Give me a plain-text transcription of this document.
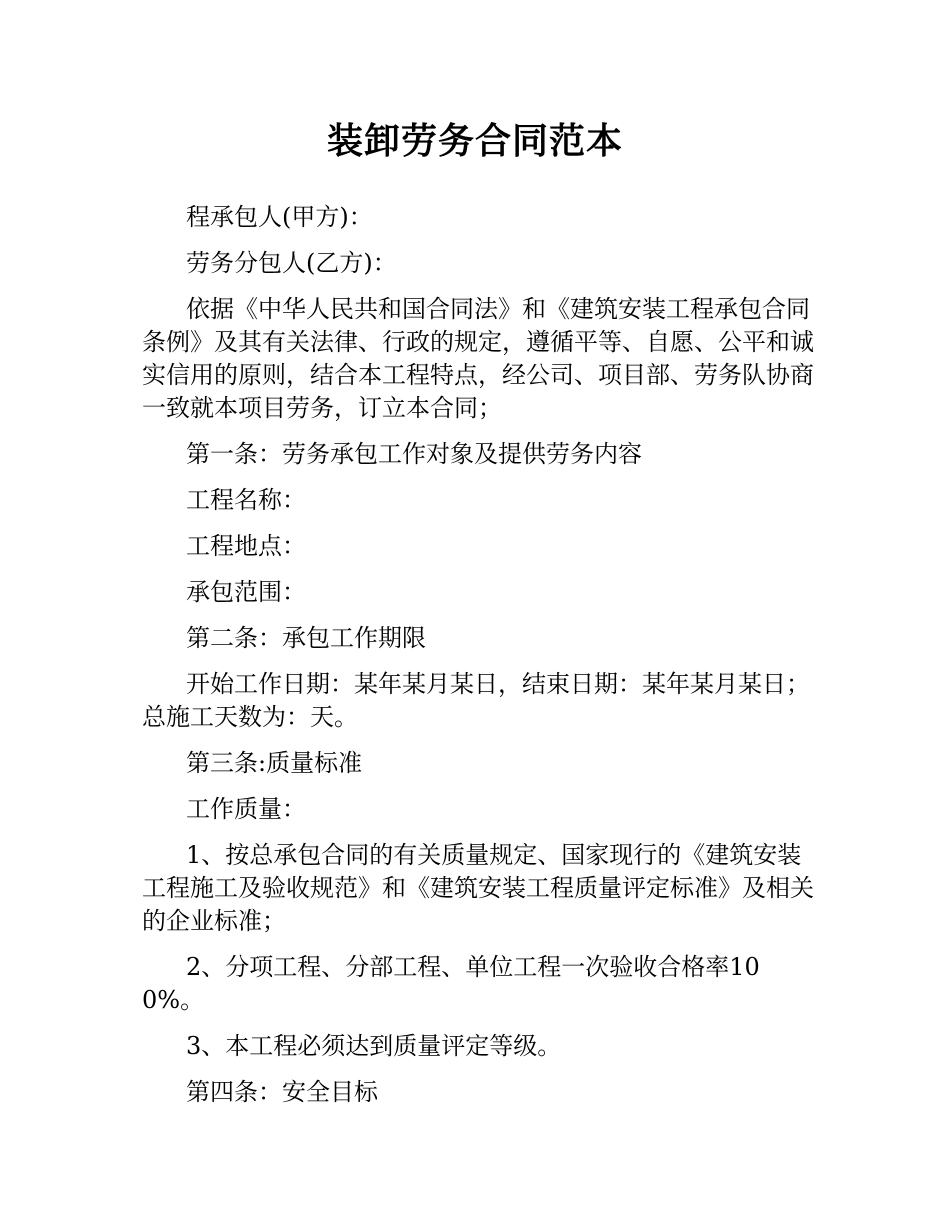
装卸劳务合同范本

程承包人(甲方)：

劳务分包人(乙方)：

依据《中华人民共和国合同法》和《建筑安装工程承包合同条例》及其有关法律、行政的规定，遵循平等、自愿、公平和诚实信用的原则，结合本工程特点，经公司、项目部、劳务队协商一致就本项目劳务，订立本合同；

第一条：劳务承包工作对象及提供劳务内容

工程名称：

工程地点：

承包范围：

第二条：承包工作期限

开始工作日期：某年某月某日，结束日期：某年某月某日；总施工天数为：天。

第三条:质量标准

工作质量：

1、按总承包合同的有关质量规定、国家现行的《建筑安装工程施工及验收规范》和《建筑安装工程质量评定标准》及相关的企业标准；

2、分项工程、分部工程、单位工程一次验收合格率100%。

3、本工程必须达到质量评定等级。

第四条：安全目标
